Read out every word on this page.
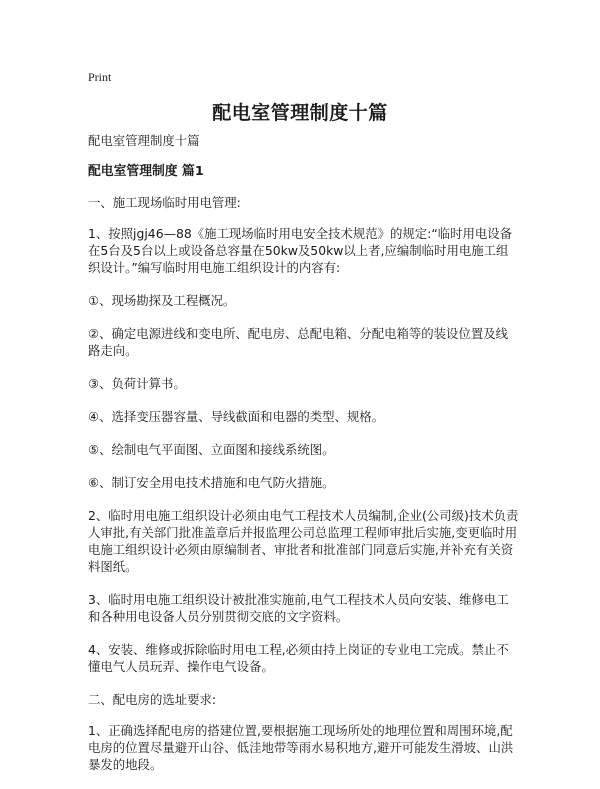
Print
配电室管理制度十篇

配电室管理制度十篇

配电室管理制度 篇1

一、施工现场临时用电管理:

1、按照jgj46—88《施工现场临时用电安全技术规范》的规定:“临时用电设备在5台及5台以上或设备总容量在50kw及50kw以上者,应编制临时用电施工组织设计。”编写临时用电施工组织设计的内容有:

①、现场勘探及工程概况。

②、确定电源进线和变电所、配电房、总配电箱、分配电箱等的装设位置及线路走向。

③、负荷计算书。

④、选择变压器容量、导线截面和电器的类型、规格。

⑤、绘制电气平面图、立面图和接线系统图。

⑥、制订安全用电技术措施和电气防火措施。

2、临时用电施工组织设计必须由电气工程技术人员编制,企业(公司级)技术负责人审批,有关部门批准盖章后并报监理公司总监理工程师审批后实施,变更临时用电施工组织设计必须由原编制者、审批者和批准部门同意后实施,并补充有关资料图纸。

3、临时用电施工组织设计被批准实施前,电气工程技术人员向安装、维修电工和各种用电设备人员分别贯彻交底的文字资料。

4、安装、维修或拆除临时用电工程,必须由持上岗证的专业电工完成。禁止不懂电气人员玩弄、操作电气设备。

二、配电房的选址要求:

1、正确选择配电房的搭建位置,要根据施工现场所处的地理位置和周围环境,配电房的位置尽量避开山谷、低洼地带等雨水易积地方,避开可能发生滑坡、山洪暴发的地段。
